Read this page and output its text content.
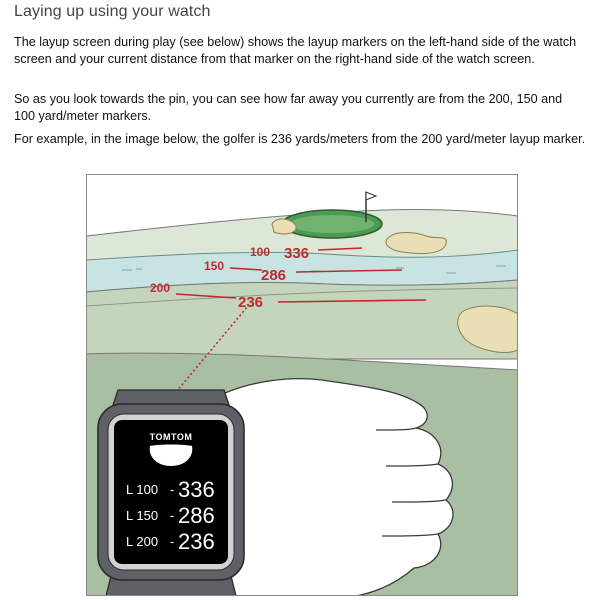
Laying up using your watch

The layup screen during play (see below) shows the layup markers on the left-hand side of the watch screen and your current distance from that marker on the right-hand side of the watch screen.

So as you look towards the pin, you can see how far away you currently are from the 200, 150 and 100 yard/meter markers.

For example, in the image below, the golfer is 236 yards/meters from the 200 yard/meter layup marker.

100 336
150
286
200
236
TOMTOM
L 100 - 336
L 150 - 286
L 200 - 236
